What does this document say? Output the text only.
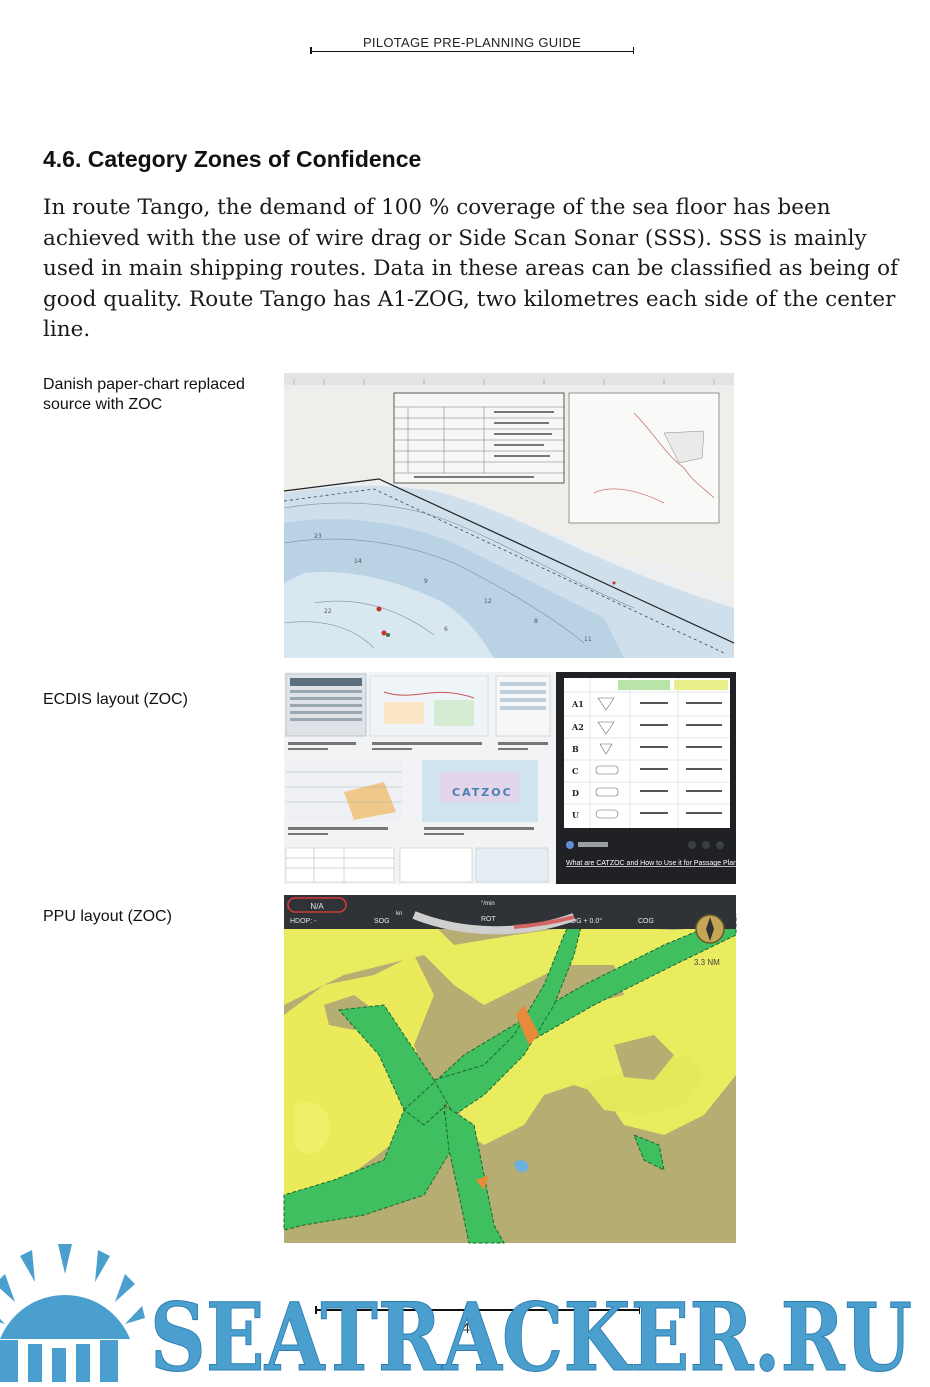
PILOTAGE PRE-PLANNING GUIDE
4.6. Category Zones of Confidence

In route Tango, the demand of 100 % coverage of the sea floor has been achieved with the use of wire drag or Side Scan Sonar (SSS). SSS is mainly used in main shipping routes. Data in these areas can be classified as being of good quality. Route Tango has A1-ZOG, two kilometres each side of the center line.

Danish paper-chart replaced source with ZOC
ECDIS layout (ZOC)
PPU layout (ZOC)
23
14
9
12
8
22
6
11
CATZOC
A1
A2
B
C
D
U
What are CATZOC and How to Use it for Passage Planning ...
N/A
HDOP: -	SOG
kn
°/min
ROT	HDG + 0.0°	COG
3.3 NM
40
SEATRACKER.RU
